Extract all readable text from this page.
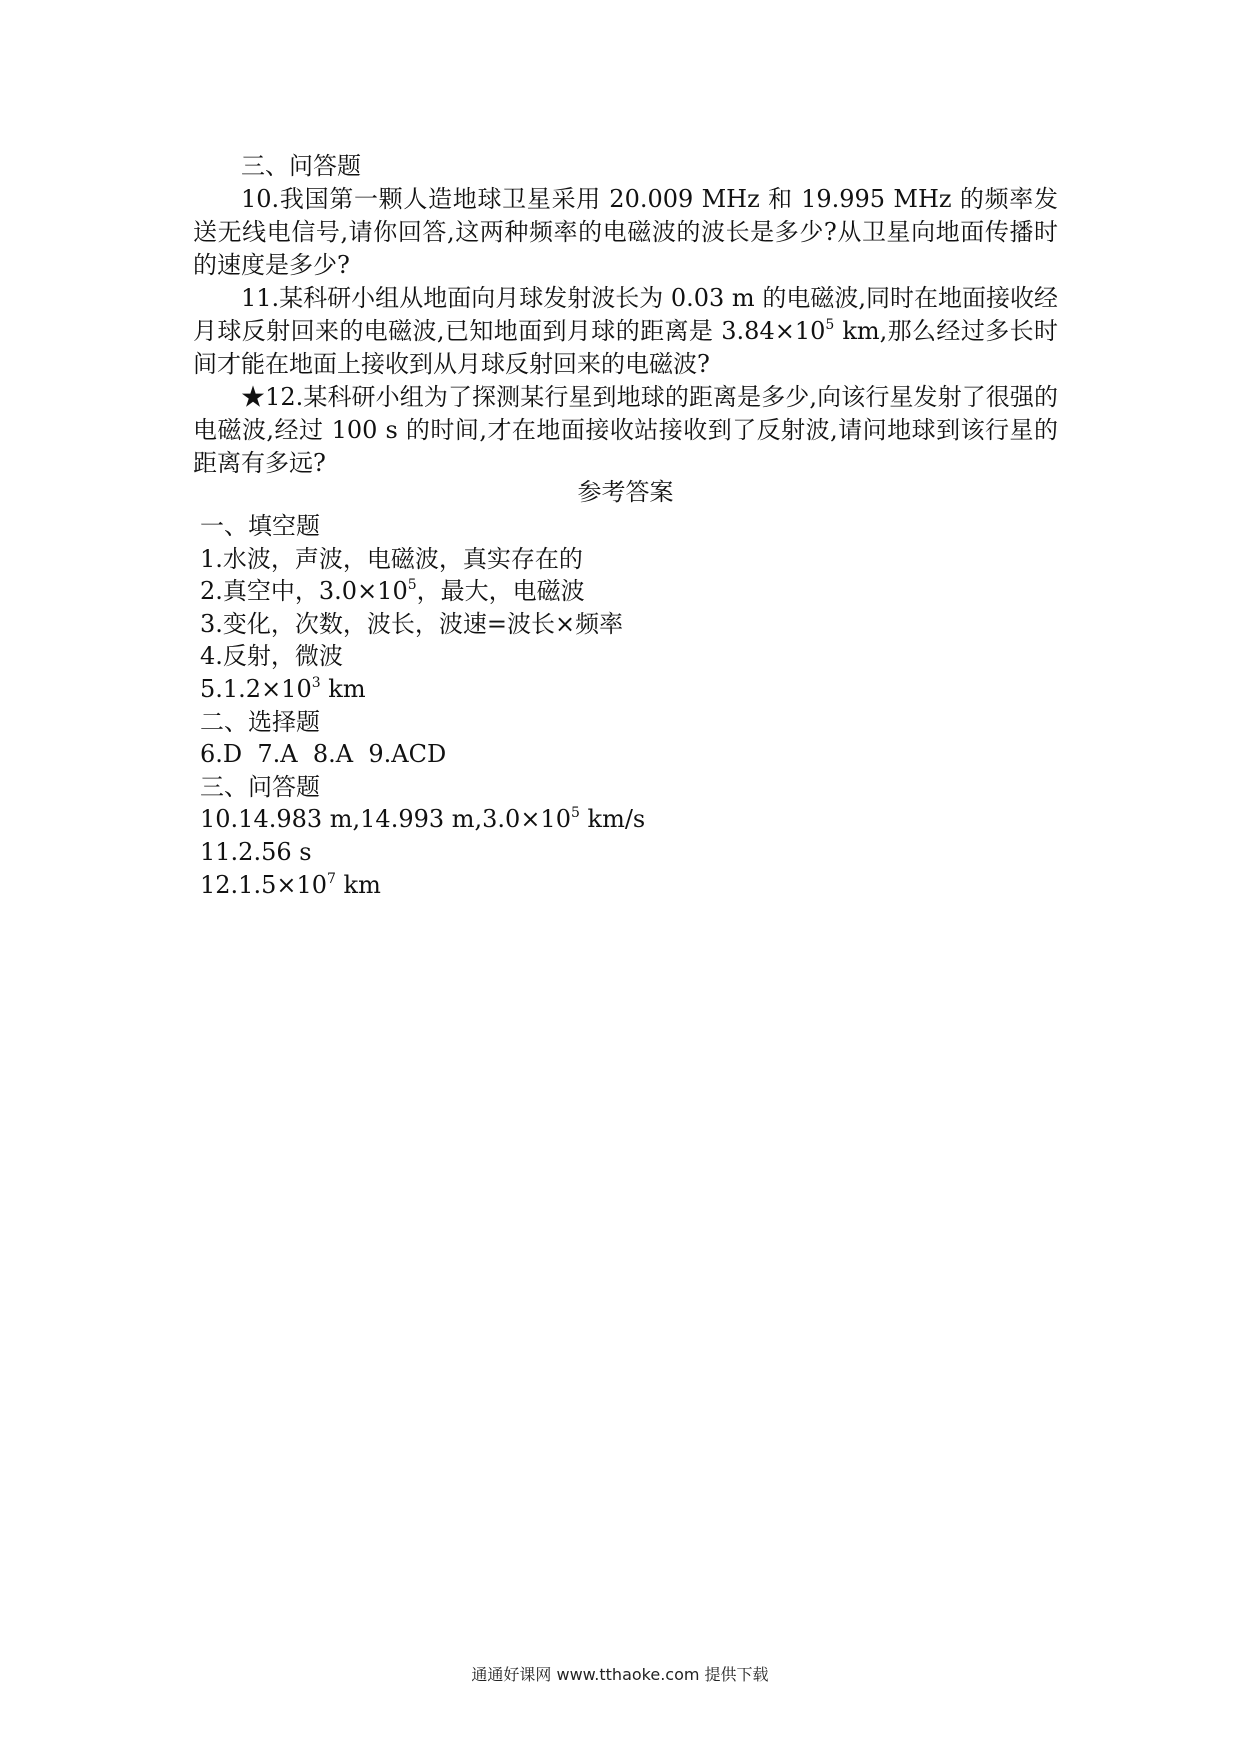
三、问答题

10.我国第一颗人造地球卫星采用 20.009 MHz 和 19.995 MHz 的频率发送无线电信号,请你回答,这两种频率的电磁波的波长是多少?从卫星向地面传播时的速度是多少?

11.某科研小组从地面向月球发射波长为 0.03 m 的电磁波,同时在地面接收经月球反射回来的电磁波,已知地面到月球的距离是 $3.84\times 10^5$ km,那么经过多长时间才能在地面上接收到从月球反射回来的电磁波?

★12.某科研小组为了探测某行星到地球的距离是多少,向该行星发射了很强的电磁波,经过 100 s 的时间,才在地面接收站接收到了反射波,请问地球到该行星的距离有多远?

参考答案
一、填空题
1.水波，声波，电磁波，真实存在的
2.真空中，$3.0\times 10^5$，最大，电磁波
3.变化，次数，波长，波速=波长×频率
4.反射，微波
$5.1.2\times 10^3$ km
二、选择题
6.D  7.A  8.A  9.ACD
三、问答题
10.14.983 m,14.993 $m,3.0\times 10^5$ km/s
11.2.56 s
$12.1.5\times 10^7$ km
通通好课网 www.tthaoke.com 提供下载
